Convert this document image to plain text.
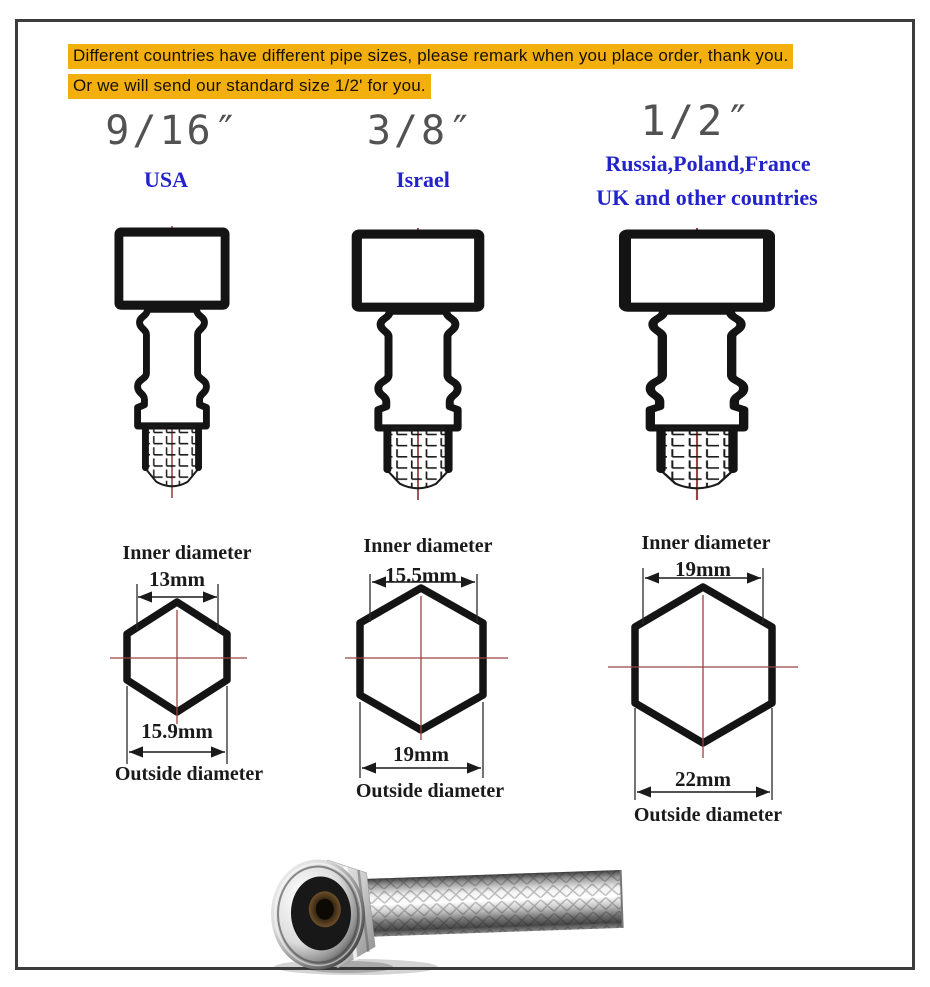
Different countries have different pipe sizes, please remark when you place order, thank you.
Or we will send our standard size 1/2' for you.
9/16″	3/8″	1/2″
USA	Israel
Russia,Poland,France
UK and other countries
Inner diameter
13mm
15.9mm
Outside diameter
Inner diameter
15.5mm
19mm
Outside diameter
Inner diameter
19mm
22mm
Outside diameter
